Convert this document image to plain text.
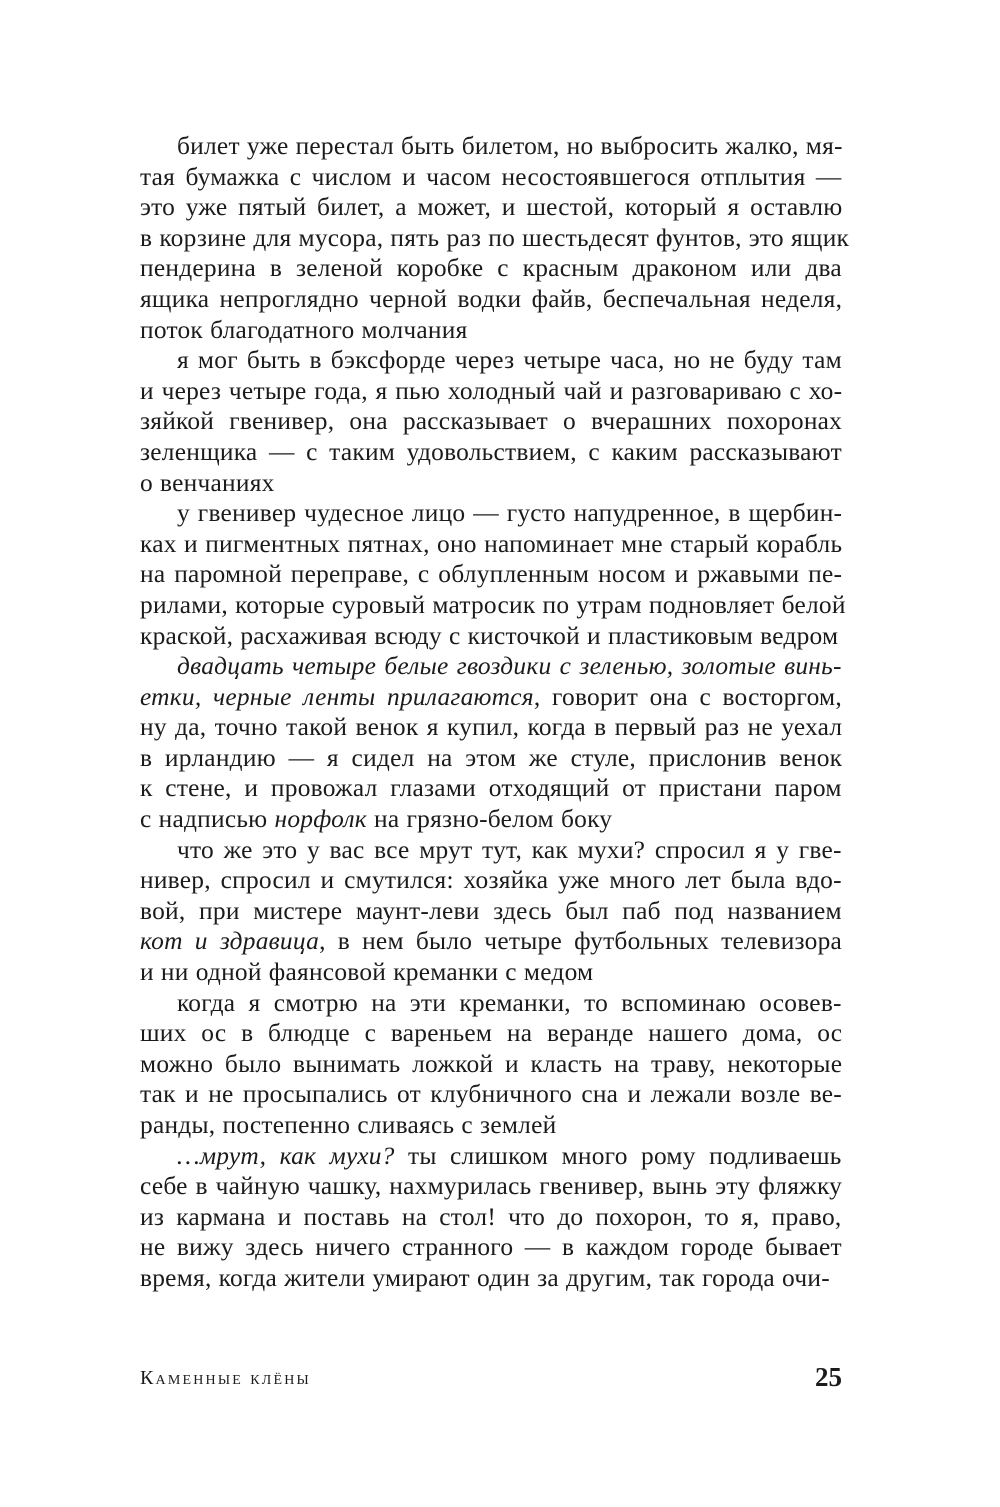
билет уже перестал быть билетом, но выбросить жалко, мя-
тая бумажка с числом и часом несостоявшегося отплытия —
это уже пятый билет, а может, и шестой, который я оставлю
в корзине для мусора, пять раз по шестьдесят фунтов, это ящик
пендерина в зеленой коробке с красным драконом или два
ящика непроглядно черной водки файв, беспечальная неделя,
поток благодатного молчания
я мог быть в бэксфорде через четыре часа, но не буду там
и через четыре года, я пью холодный чай и разговариваю с хо-
зяйкой гвенивер, она рассказывает о вчерашних похоронах
зеленщика — с таким удовольствием, с каким рассказывают
о венчаниях
у гвенивер чудесное лицо — густо напудренное, в щербин-
ках и пигментных пятнах, оно напоминает мне старый корабль
на паромной переправе, с облупленным носом и ржавыми пе-
рилами, которые суровый матросик по утрам подновляет белой
краской, расхаживая всюду с кисточкой и пластиковым ведром
двадцать четыре белые гвоздики с зеленью, золотые винь-
етки, черные ленты прилагаются, говорит она с восторгом,
ну да, точно такой венок я купил, когда в первый раз не уехал
в ирландию — я сидел на этом же стуле, прислонив венок
к стене, и провожал глазами отходящий от пристани паром
с надписью норфолк на грязно-белом боку
что же это у вас все мрут тут, как мухи? спросил я у гве-
нивер, спросил и смутился: хозяйка уже много лет была вдо-
вой, при мистере маунт-леви здесь был паб под названием
кот и здравица, в нем было четыре футбольных телевизора
и ни одной фаянсовой креманки с медом
когда я смотрю на эти креманки, то вспоминаю осовев-
ших ос в блюдце с вареньем на веранде нашего дома, ос
можно было вынимать ложкой и класть на траву, некоторые
так и не просыпались от клубничного сна и лежали возле ве-
ранды, постепенно сливаясь с землей
…мрут, как мухи? ты слишком много рому подливаешь
себе в чайную чашку, нахмурилась гвенивер, вынь эту фляжку
из кармана и поставь на стол! что до похорон, то я, право,
не вижу здесь ничего странного — в каждом городе бывает
время, когда жители умирают один за другим, так города очи-
Каменные клёны	25
